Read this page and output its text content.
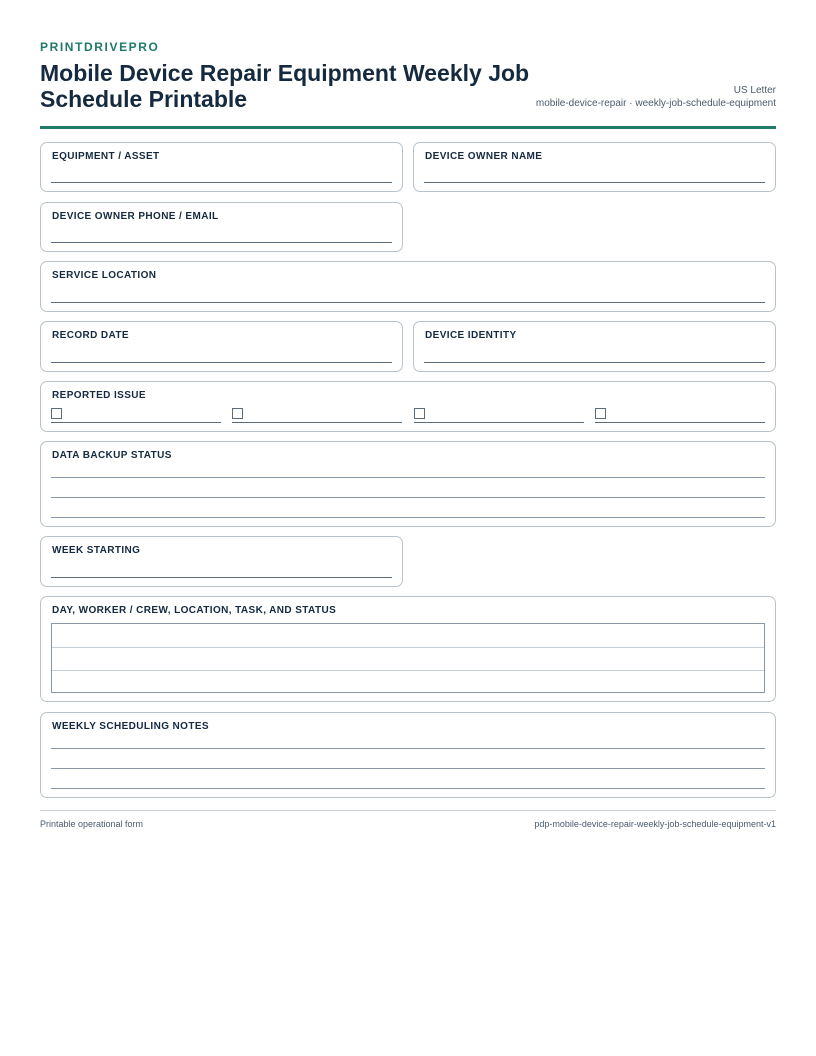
PRINTDRIVEPRO
Mobile Device Repair Equipment Weekly Job Schedule Printable	US Letter
mobile-device-repair · weekly-job-schedule-equipment
EQUIPMENT / ASSET	DEVICE OWNER NAME
DEVICE OWNER PHONE / EMAIL
SERVICE LOCATION
RECORD DATE	DEVICE IDENTITY
REPORTED ISSUE
DATA BACKUP STATUS
WEEK STARTING
DAY, WORKER / CREW, LOCATION, TASK, AND STATUS
WEEKLY SCHEDULING NOTES
Printable operational form	pdp-mobile-device-repair-weekly-job-schedule-equipment-v1
